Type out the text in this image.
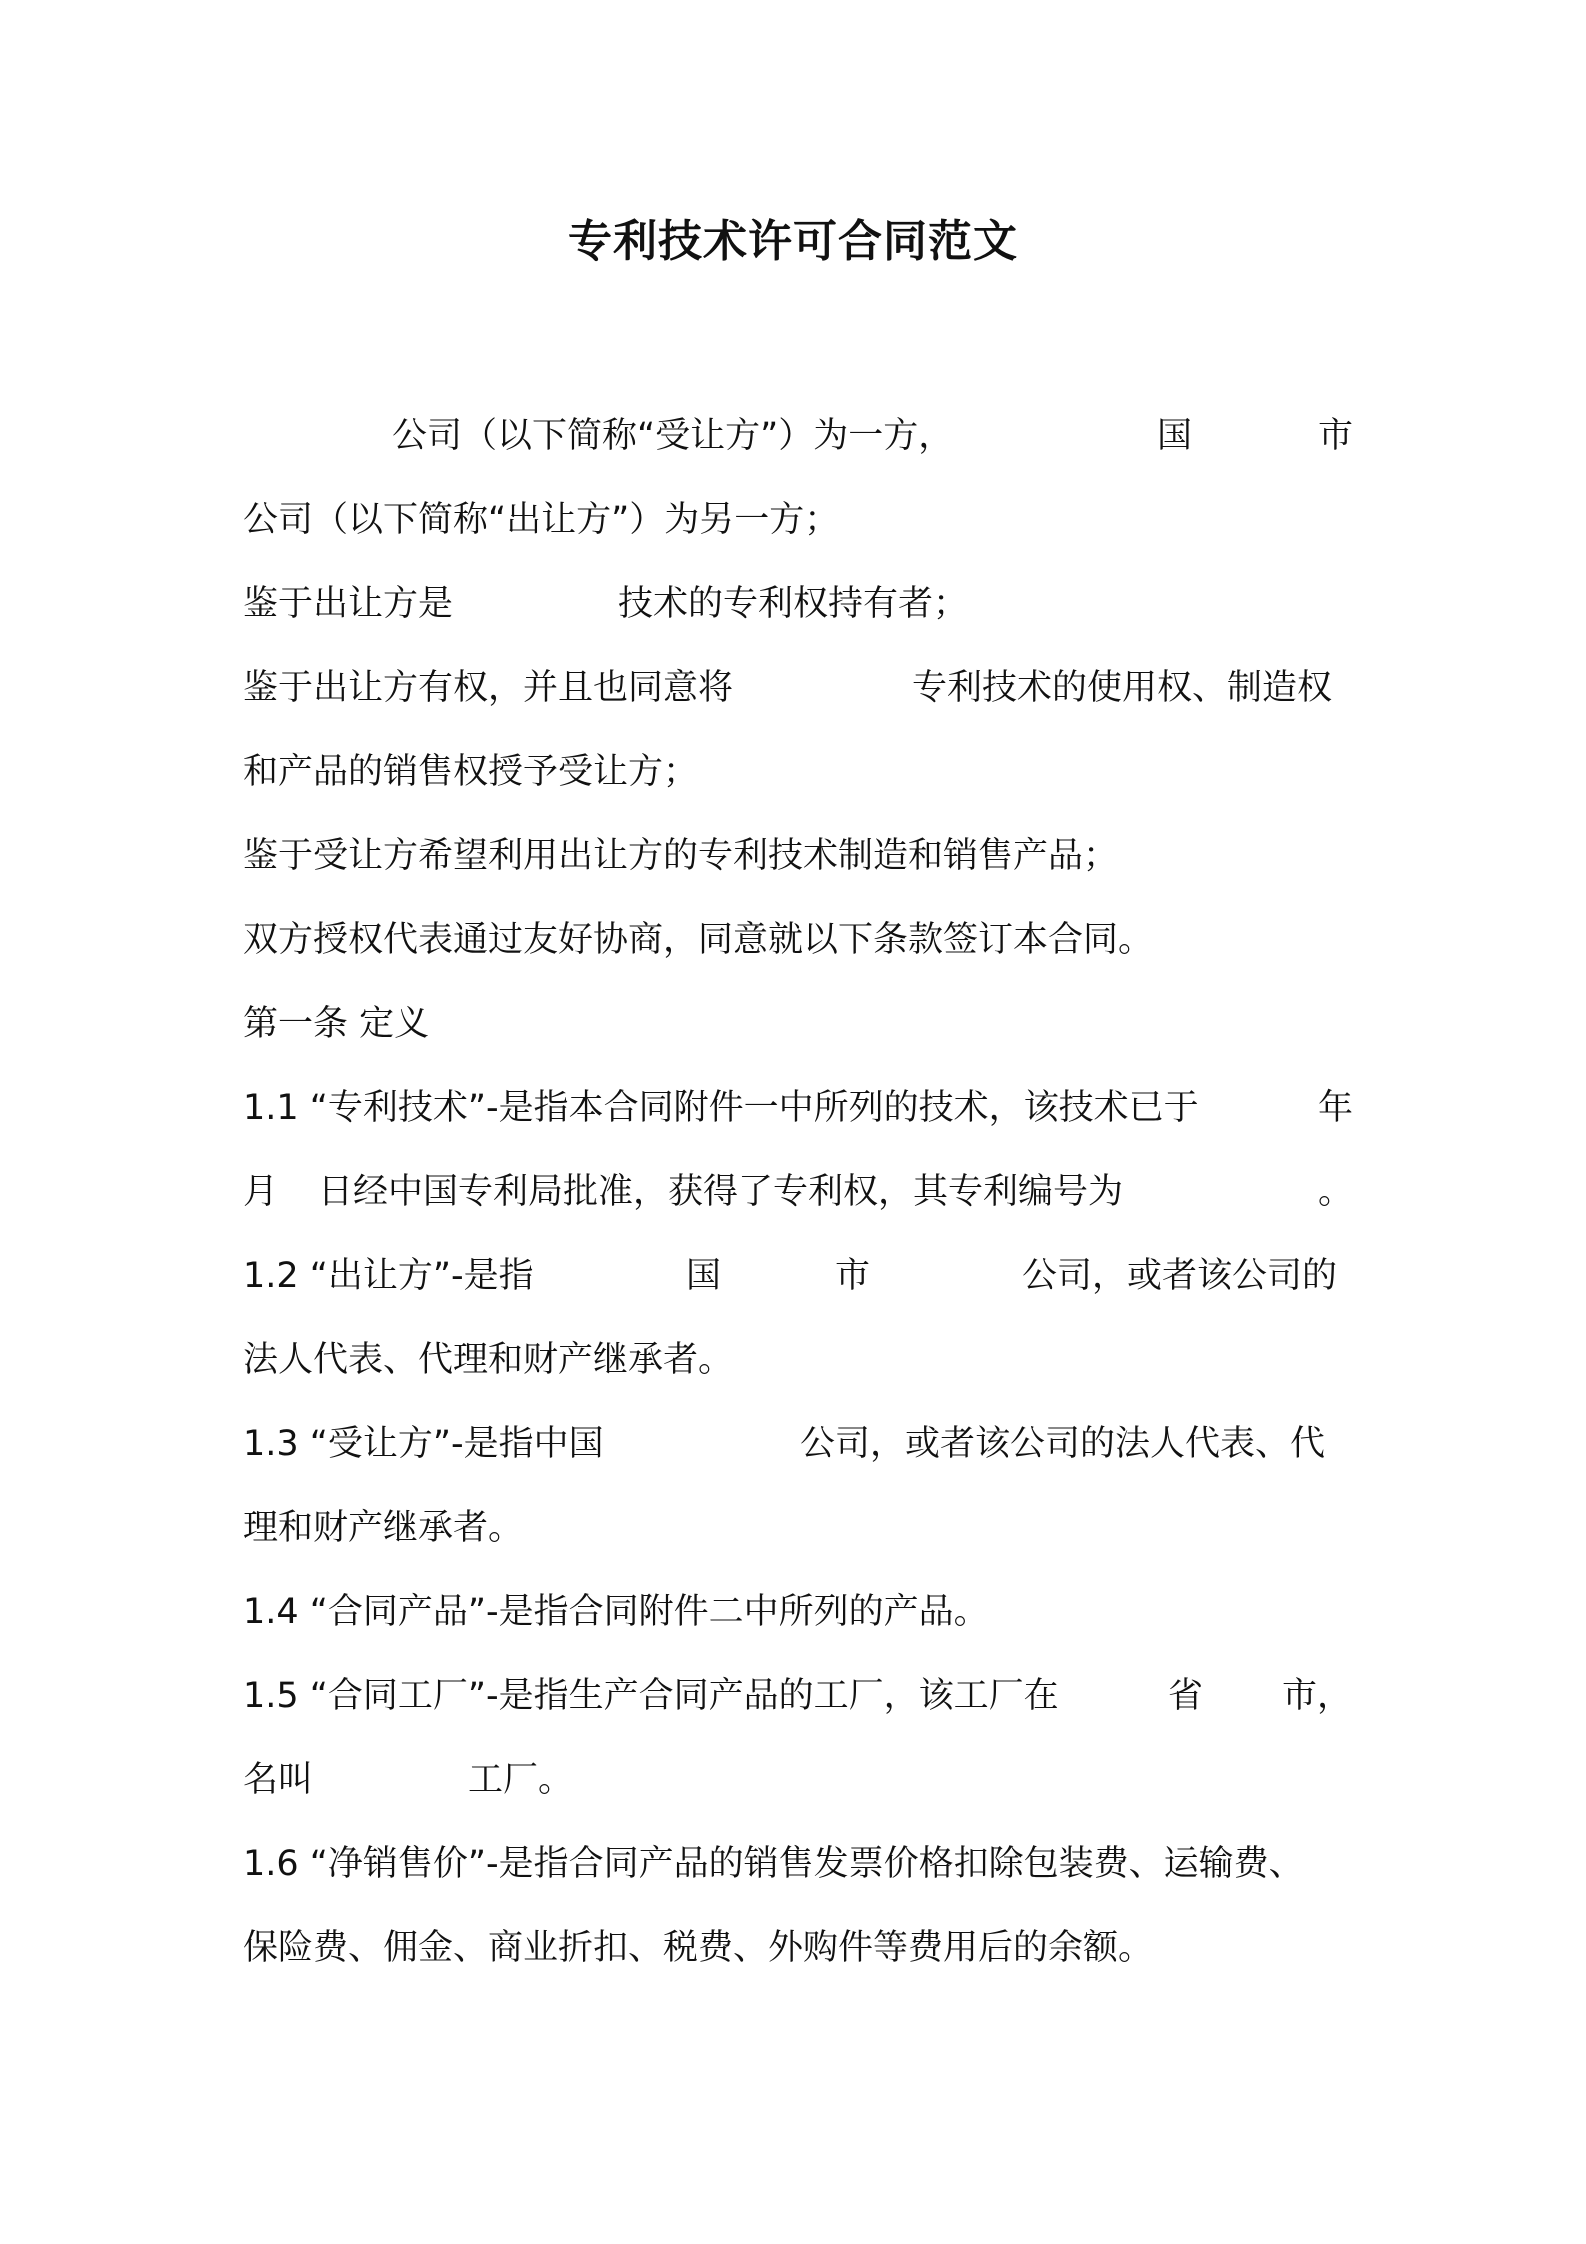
专利技术许可合同范文
公司（以下简称“受让方”）为一方，	国	市
公司（以下简称“出让方”）为另一方；
鉴于出让方是	技术的专利权持有者；
鉴于出让方有权，并且也同意将	专利技术的使用权、制造权
和产品的销售权授予受让方；
鉴于受让方希望利用出让方的专利技术制造和销售产品；
双方授权代表通过友好协商，同意就以下条款签订本合同。
第一条 定义
1.1 “专利技术”-是指本合同附件一中所列的技术，该技术已于	年
月 日经中国专利局批准，获得了专利权，其专利编号为	。
1.2 “出让方”-是指	国	市	公司，或者该公司的
法人代表、代理和财产继承者。
1.3 “受让方”-是指中国	公司，或者该公司的法人代表、代
理和财产继承者。
1.4 “合同产品”-是指合同附件二中所列的产品。
1.5 “合同工厂”-是指生产合同产品的工厂，该工厂在	省 市，
名叫	工厂。
1.6 “净销售价”-是指合同产品的销售发票价格扣除包装费、运输费、
保险费、佣金、商业折扣、税费、外购件等费用后的余额。
